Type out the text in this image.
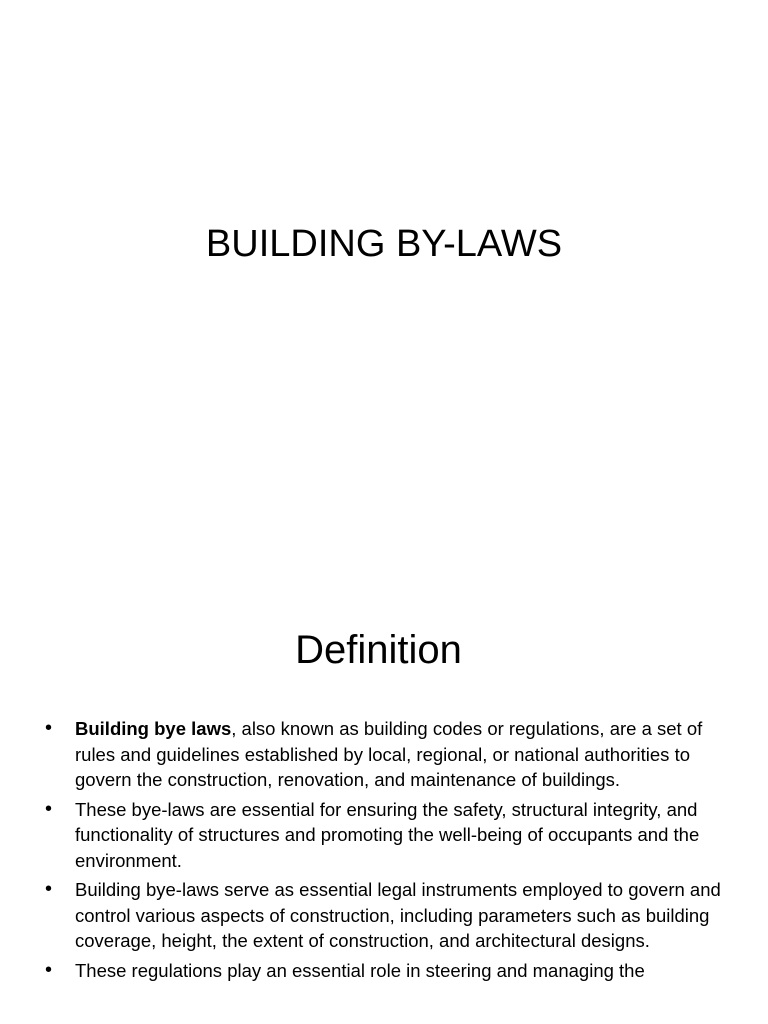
BUILDING BY-LAWS
Definition
• Building bye laws, also known as building codes or regulations, are a set of rules and guidelines established by local, regional, or national authorities to govern the construction, renovation, and maintenance of buildings.
• These bye-laws are essential for ensuring the safety, structural integrity, and functionality of structures and promoting the well-being of occupants and the environment.
• Building bye-laws serve as essential legal instruments employed to govern and control various aspects of construction, including parameters such as building coverage, height, the extent of construction, and architectural designs.
• These regulations play an essential role in steering and managing the
